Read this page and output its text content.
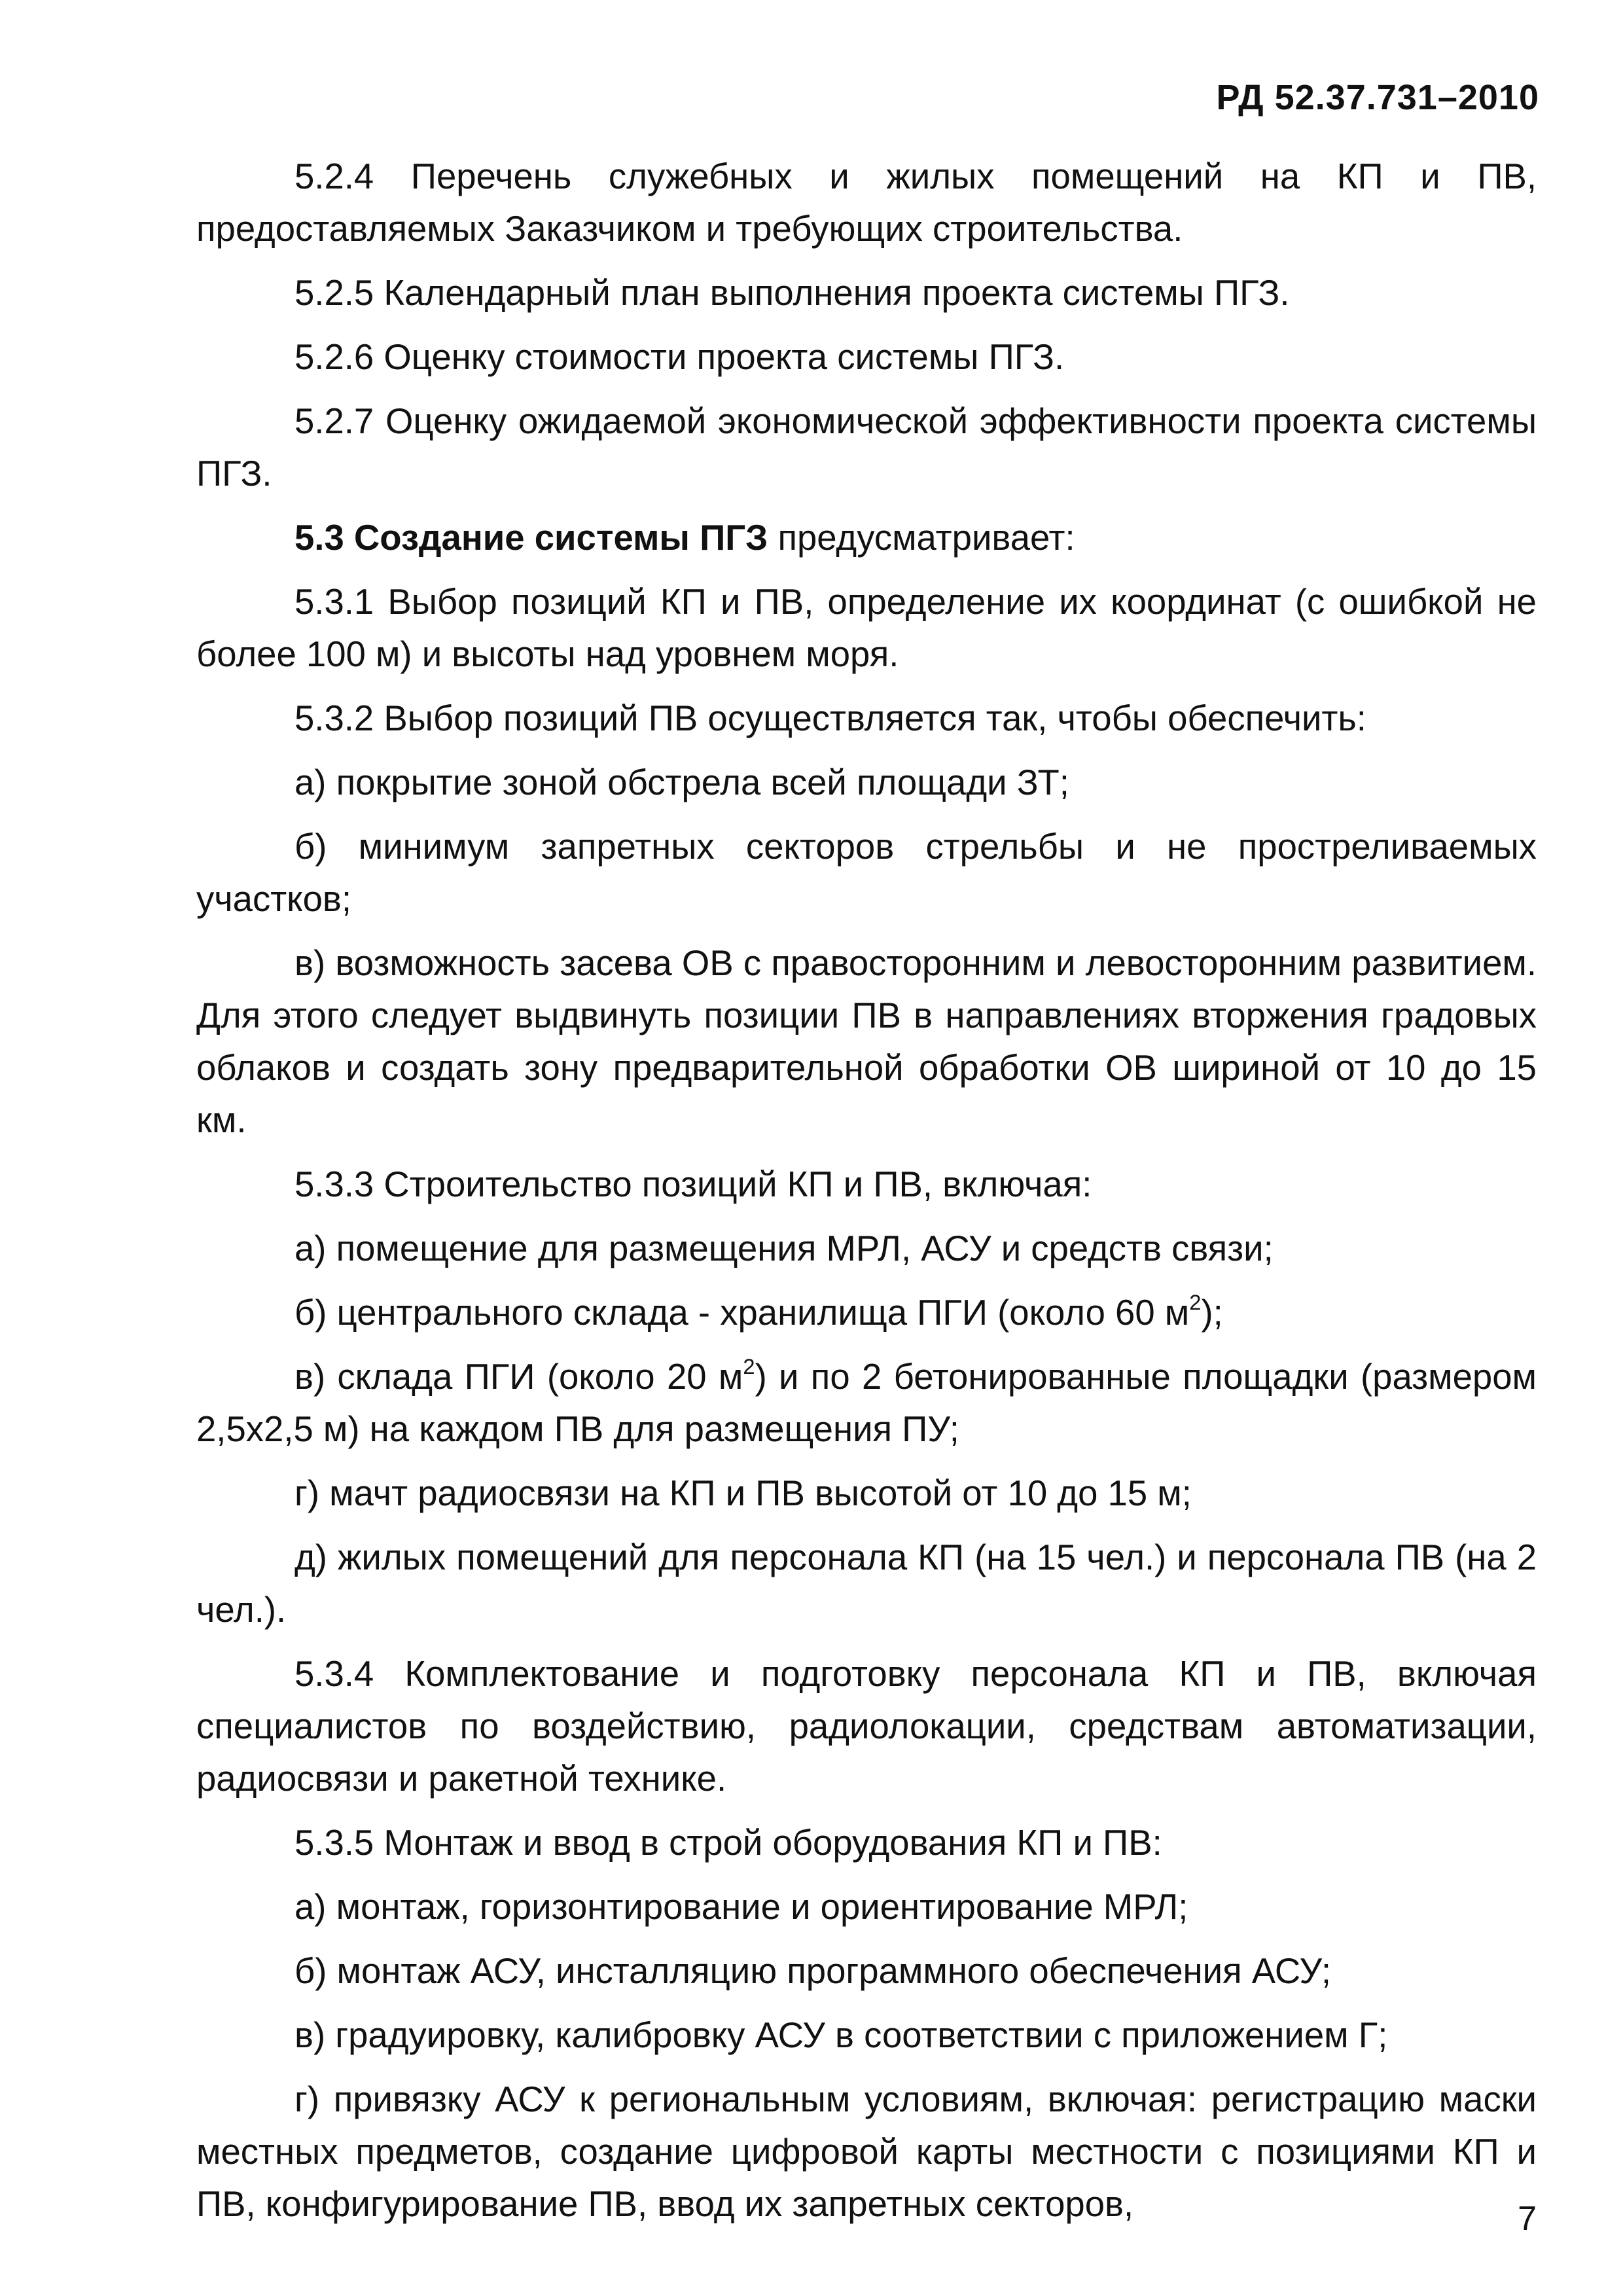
РД 52.37.731–2010

5.2.4 Перечень служебных и жилых помещений на КП и ПВ, предоставляемых Заказчиком и требующих строительства.

5.2.5 Календарный план выполнения проекта системы ПГЗ.

5.2.6 Оценку стоимости проекта системы ПГЗ.

5.2.7 Оценку ожидаемой экономической эффективности проекта системы ПГЗ.

5.3 Создание системы ПГЗ предусматривает:

5.3.1 Выбор позиций КП и ПВ, определение их координат (с ошибкой не более 100 м) и высоты над уровнем моря.

5.3.2 Выбор позиций ПВ осуществляется так, чтобы обеспечить:

а) покрытие зоной обстрела всей площади ЗТ;

б) минимум запретных секторов стрельбы и не простреливаемых участков;

в) возможность засева ОВ с правосторонним и левосторонним развитием. Для этого следует выдвинуть позиции ПВ в направлениях вторжения градовых облаков и создать зону предварительной обработки ОВ шириной от 10 до 15 км.

5.3.3 Строительство позиций КП и ПВ, включая:

а) помещение для размещения МРЛ, АСУ и средств связи;

б) центрального склада - хранилища ПГИ (около 60 $м^2$);

в) склада ПГИ (около 20 $м^2$) и по 2 бетонированные площадки (размером 2,5х2,5 м) на каждом ПВ для размещения ПУ;

г) мачт радиосвязи на КП и ПВ высотой от 10 до 15 м;

д) жилых помещений для персонала КП (на 15 чел.) и персонала ПВ (на 2 чел.).

5.3.4 Комплектование и подготовку персонала КП и ПВ, включая специалистов по воздействию, радиолокации, средствам автоматизации, радиосвязи и ракетной технике.

5.3.5 Монтаж и ввод в строй оборудования КП и ПВ:

а) монтаж, горизонтирование и ориентирование МРЛ;

б) монтаж АСУ, инсталляцию программного обеспечения АСУ;

в) градуировку, калибровку АСУ в соответствии с приложением Г;

г) привязку АСУ к региональным условиям, включая: регистрацию маски местных предметов, создание цифровой карты местности с позициями КП и ПВ, конфигурирование ПВ, ввод их запретных секторов,	7
